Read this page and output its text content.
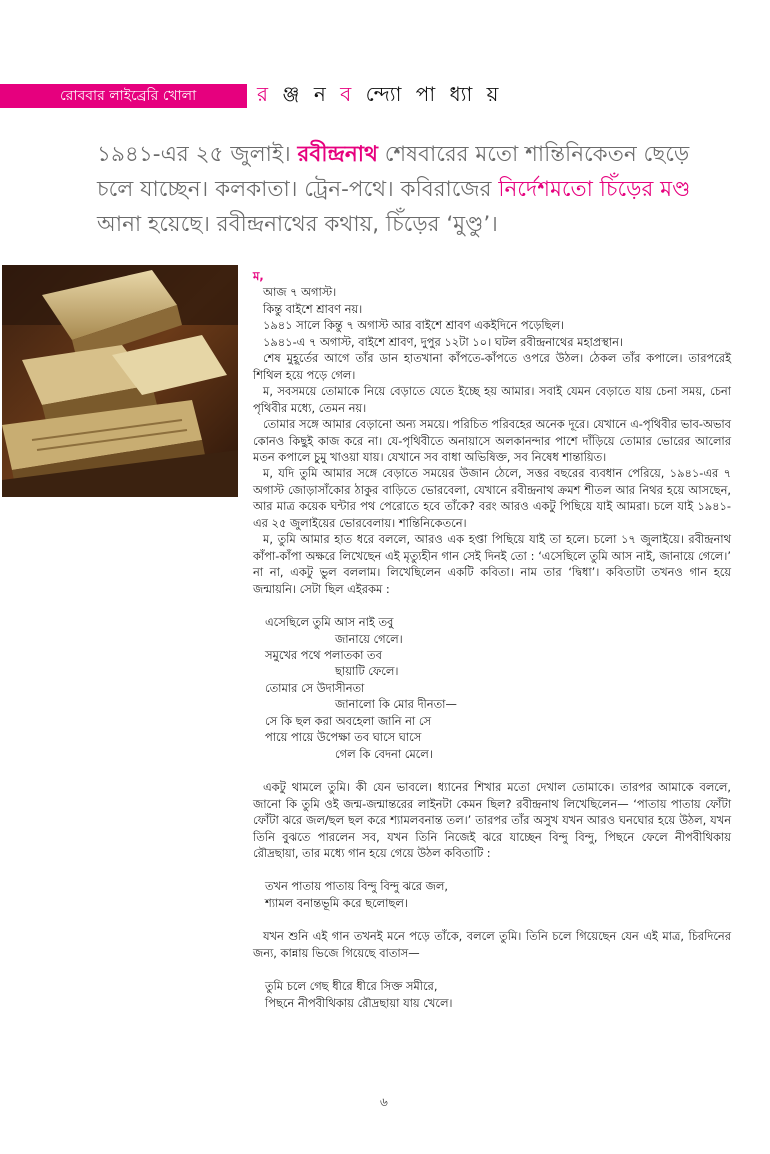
রোববার লাইব্রেরি খোলা	র ঞ্জ ন ব ন্দ্যো পা ধ্যা য়
১৯৪১-এর ২৫ জুলাই। রবীন্দ্রনাথ শেষবারের মতো শান্তিনিকেতন ছেড়ে চলে যাচ্ছেন। কলকাতা। ট্রেন-পথে। কবিরাজের নির্দেশমতো চিঁড়ের মণ্ড আনা হয়েছে। রবীন্দ্রনাথের কথায়, চিঁড়ের ‘মুণ্ডু’।

ম,

আজ ৭ অগাস্ট।

কিন্তু বাইশে শ্রাবণ নয়।

১৯৪১ সালে কিন্তু ৭ অগাস্ট আর বাইশে শ্রাবণ একইদিনে পড়েছিল।

১৯৪১-এ ৭ অগাস্ট, বাইশে শ্রাবণ, দুপুর ১২টা ১০। ঘটল রবীন্দ্রনাথের মহাপ্রস্থান।

শেষ মুহূর্তের আগে তাঁর ডান হাতখানা কাঁপতে-কাঁপতে ওপরে উঠল। ঠেকল তাঁর কপালে। তারপরেই শিথিল হয়ে পড়ে গেল।

ম, সবসময়ে তোমাকে নিয়ে বেড়াতে যেতে ইচ্ছে হয় আমার। সবাই যেমন বেড়াতে যায় চেনা সময়, চেনা পৃথিবীর মধ্যে, তেমন নয়।

তোমার সঙ্গে আমার বেড়ানো অন্য সময়ে। পরিচিত পরিবহের অনেক দূরে। যেখানে এ-পৃথিবীর ভাব-অভাব কোনও কিছুই কাজ করে না। যে-পৃথিবীতে অনায়াসে অলকানন্দার পাশে দাঁড়িয়ে তোমার ভোরের আলোর মতন কপালে চুমু খাওয়া যায়। যেখানে সব বাধা অভিষিক্ত, সব নিষেধ শান্তায়িত।

ম, যদি তুমি আমার সঙ্গে বেড়াতে সময়ের উজান ঠেলে, সত্তর বছরের ব্যবধান পেরিয়ে, ১৯৪১-এর ৭ অগাস্ট জোড়াসাঁকোর ঠাকুর বাড়িতে ভোরবেলা, যেখানে রবীন্দ্রনাথ ক্রমশ শীতল আর নিথর হয়ে আসছেন, আর মাত্র কয়েক ঘন্টার পথ পেরোতে হবে তাঁকে? বরং আরও একটু পিছিয়ে যাই আমরা। চলে যাই ১৯৪১-এর ২৫ জুলাইয়ের ভোরবেলায়। শান্তিনিকেতনে।

ম, তুমি আমার হাত ধরে বললে, আরও এক হপ্তা পিছিয়ে যাই তা হলে। চলো ১৭ জুলাইয়ে। রবীন্দ্রনাথ কাঁপা-কাঁপা অক্ষরে লিখেছেন এই মৃত্যুহীন গান সেই দিনই তো : ‘এসেছিলে তুমি আস নাই, জানায়ে গেলে।’ না না, একটু ভুল বললাম। লিখেছিলেন একটি কবিতা। নাম তার ‘দ্বিধা’। কবিতাটা তখনও গান হয়ে জন্মায়নি। সেটা ছিল এইরকম :

এসেছিলে তুমি আস নাই তবু
জানায়ে গেলে।
সমুখের পথে পলাতকা তব
ছায়াটি ফেলে।
তোমার সে উদাসীনতা
জানালো কি মোর দীনতা—
সে কি ছল করা অবহেলা জানি না সে
পায়ে পায়ে উপেক্ষা তব ঘাসে ঘাসে
গেল কি বেদনা মেলে।

একটু থামলে তুমি। কী যেন ভাবলে। ধ্যানের শিখার মতো দেখাল তোমাকে। তারপর আমাকে বললে, জানো কি তুমি ওই জন্ম-জন্মান্তরের লাইনটা কেমন ছিল? রবীন্দ্রনাথ লিখেছিলেন— ‘পাতায় পাতায় ফোঁটা ফোঁটা ঝরে জল/ছল ছল করে শ্যামলবনান্ত তল।’ তারপর তাঁর অসুখ যখন আরও ঘনঘোর হয়ে উঠল, যখন তিনি বুঝতে পারলেন সব, যখন তিনি নিজেই ঝরে যাচ্ছেন বিন্দু বিন্দু, পিছনে ফেলে নীপবীথিকায় রৌদ্রছায়া, তার মধ্যে গান হয়ে গেয়ে উঠল কবিতাটি :

তখন পাতায় পাতায় বিন্দু বিন্দু ঝরে জল,
শ্যামল বনান্তভূমি করে ছলোছল।

যখন শুনি এই গান তখনই মনে পড়ে তাঁকে, বললে তুমি। তিনি চলে গিয়েছেন যেন এই মাত্র, চিরদিনের জন্য, কান্নায় ভিজে গিয়েছে বাতাস—

তুমি চলে গেছ ধীরে ধীরে সিক্ত সমীরে,
পিছনে নীপবীথিকায় রৌদ্রছায়া যায় খেলে।
৬
